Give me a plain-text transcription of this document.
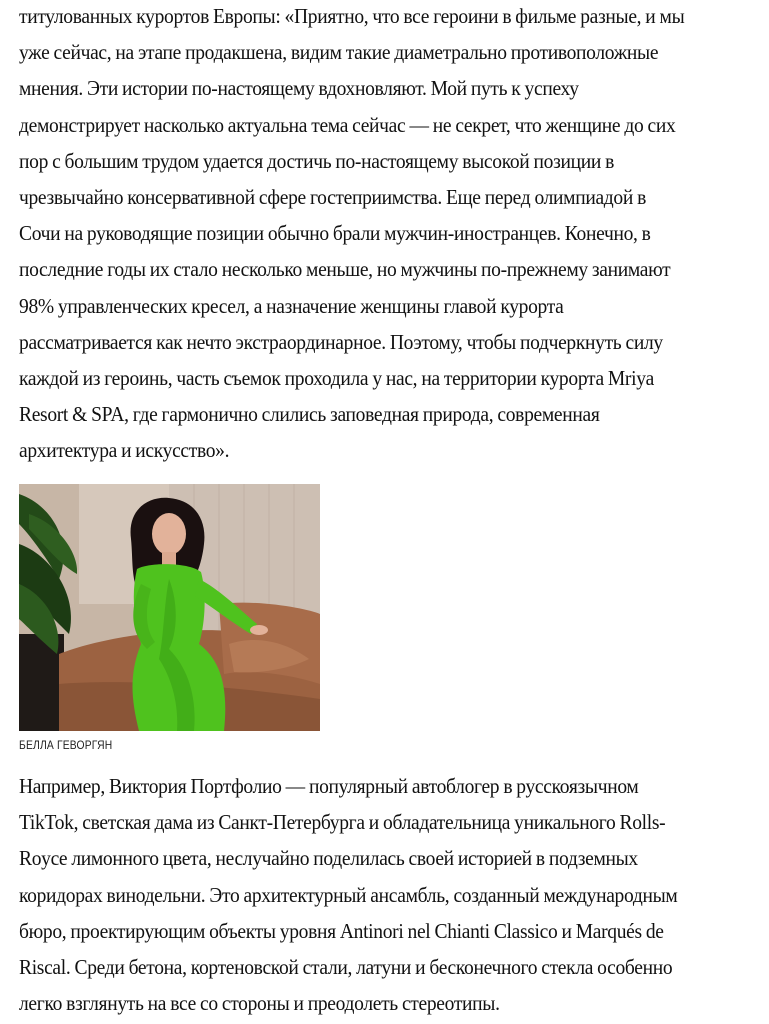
титулованных курортов Европы: «Приятно, что все героини в фильме разные, и мы
уже сейчас, на этапе продакшена, видим такие диаметрально противоположные
мнения. Эти истории по-настоящему вдохновляют. Мой путь к успеху
демонстрирует насколько актуальна тема сейчас — не секрет, что женщине до сих
пор с большим трудом удается достичь по-настоящему высокой позиции в
чрезвычайно консервативной сфере гостеприимства. Еще перед олимпиадой в
Сочи на руководящие позиции обычно брали мужчин-иностранцев. Конечно, в
последние годы их стало несколько меньше, но мужчины по-прежнему занимают
98% управленческих кресел, а назначение женщины главой курорта
рассматривается как нечто экстраординарное. Поэтому, чтобы подчеркнуть силу
каждой из героинь, часть съемок проходила у нас, на территории курорта Mriya
Resort & SPA, где гармонично слились заповедная природа, современная
архитектура и искусство».

БЕЛЛА ГЕВОРГЯН

Например, Виктория Портфолио — популярный автоблогер в русскоязычном
TikTok, светская дама из Санкт-Петербурга и обладательница уникального Rolls-
Royce лимонного цвета, неслучайно поделилась своей историей в подземных
коридорах винодельни. Это архитектурный ансамбль, созданный международным
бюро, проектирующим объекты уровня Antinori nel Chianti Classico и Marqués de
Riscal. Среди бетона, кортеновской стали, латуни и бесконечного стекла особенно
легко взглянуть на все со стороны и преодолеть стереотипы.
